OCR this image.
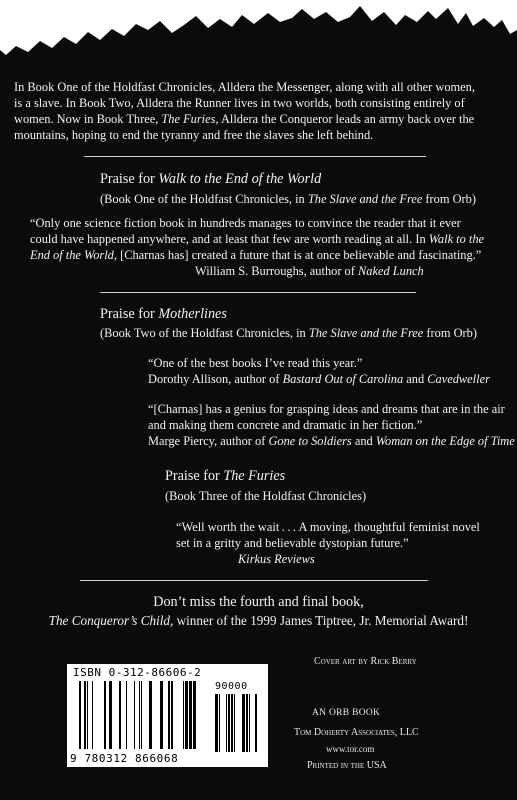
In Book One of the Holdfast Chronicles, Alldera the Messenger, along with all other women,

is a slave. In Book Two, Alldera the Runner lives in two worlds, both consisting entirely of

women. Now in Book Three, The Furies, Alldera the Conqueror leads an army back over the

mountains, hoping to end the tyranny and free the slaves she left behind.

Praise for Walk to the End of the World

(Book One of the Holdfast Chronicles, in The Slave and the Free from Orb)

“Only one science fiction book in hundreds manages to convince the reader that it ever

could have happened anywhere, and at least that few are worth reading at all. In Walk to the

End of the World, [Charnas has] created a future that is at once believable and fascinating.”

William S. Burroughs, author of Naked Lunch

Praise for Motherlines

(Book Two of the Holdfast Chronicles, in The Slave and the Free from Orb)

“One of the best books I’ve read this year.”

Dorothy Allison, author of Bastard Out of Carolina and Cavedweller

“[Charnas] has a genius for grasping ideas and dreams that are in the air

and making them concrete and dramatic in her fiction.”

Marge Piercy, author of Gone to Soldiers and Woman on the Edge of Time

Praise for The Furies

(Book Three of the Holdfast Chronicles)

“Well worth the wait . . . A moving, thoughtful feminist novel

set in a gritty and believable dystopian future.”

Kirkus Reviews

Don’t miss the fourth and final book,

The Conqueror’s Child, winner of the 1999 James Tiptree, Jr. Memorial Award!

Cover art by Rick Berry
ISBN 0-312-86606-2
90000
9 780312 866068
AN ORB BOOK
Tom Doherty Associates, LLC
www.tor.com
Printed in the USA
